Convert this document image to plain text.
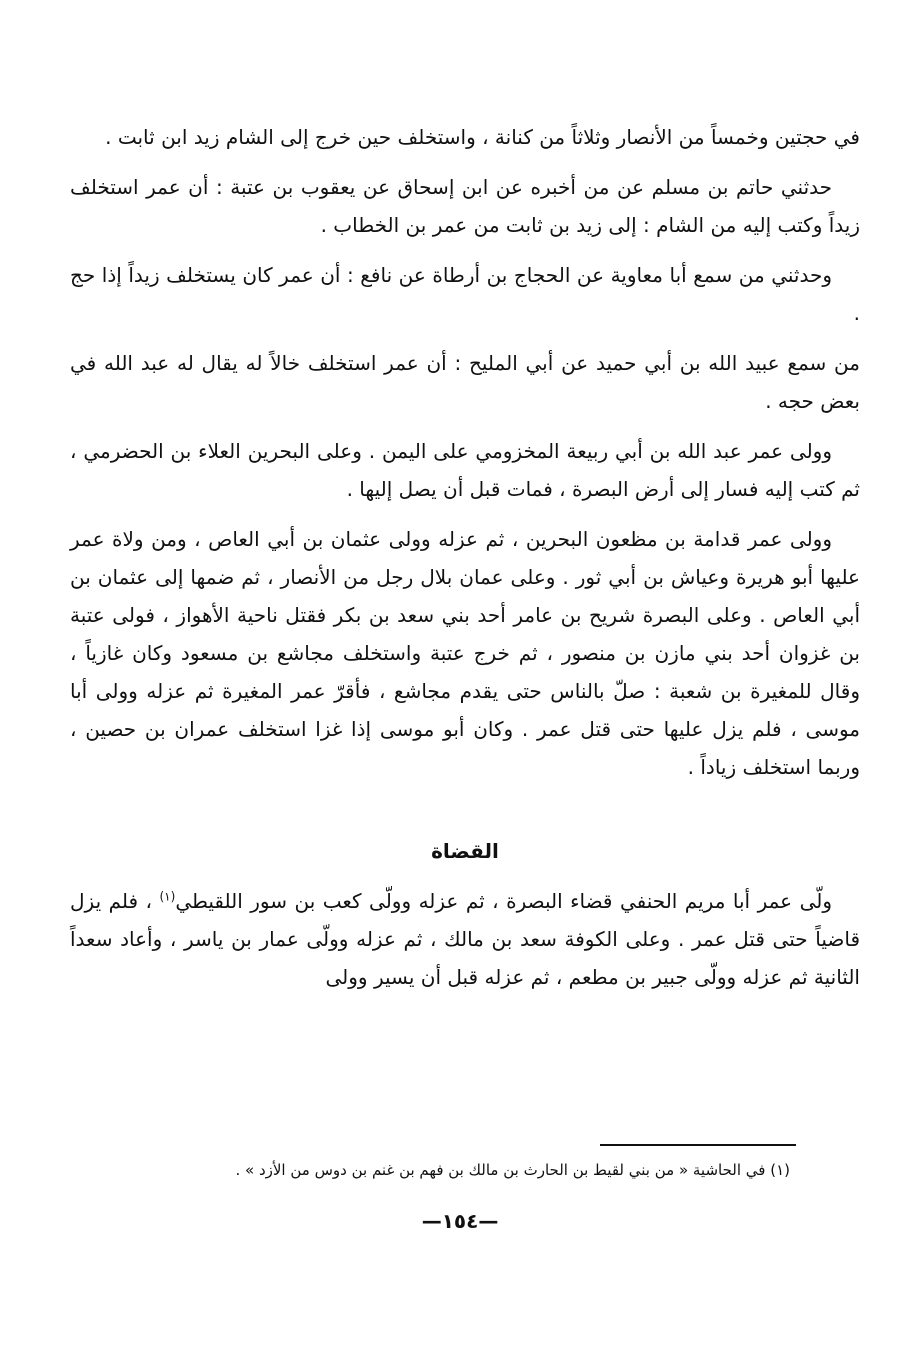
في حجتين وخمساً من الأنصار وثلاثاً من كنانة ، واستخلف حين خرج إلى الشام زيد ابن ثابت .

حدثني حاتم بن مسلم عن من أخبره عن ابن إسحاق عن يعقوب بن عتبة : أن عمر استخلف زيداً وكتب إليه من الشام : إلى زيد بن ثابت من عمر بن الخطاب .

وحدثني من سمع أبا معاوية عن الحجاج بن أرطاة عن نافع : أن عمر كان يستخلف زيداً إذا حج .

من سمع عبيد الله بن أبي حميد عن أبي المليح : أن عمر استخلف خالاً له يقال له عبد الله في بعض حجه .

وولى عمر عبد الله بن أبي ربيعة المخزومي على اليمن . وعلى البحرين العلاء بن الحضرمي ، ثم كتب إليه فسار إلى أرض البصرة ، فمات قبل أن يصل إليها .

وولى عمر قدامة بن مظعون البحرين ، ثم عزله وولى عثمان بن أبي العاص ، ومن ولاة عمر عليها أبو هريرة وعياش بن أبي ثور . وعلى عمان بلال رجل من الأنصار ، ثم ضمها إلى عثمان بن أبي العاص . وعلى البصرة شريح بن عامر أحد بني سعد بن بكر فقتل ناحية الأهواز ، فولى عتبة بن غزوان أحد بني مازن بن منصور ، ثم خرج عتبة واستخلف مجاشع بن مسعود وكان غازياً ، وقال للمغيرة بن شعبة : صلّ بالناس حتى يقدم مجاشع ، فأقرّ عمر المغيرة ثم عزله وولى أبا موسى ، فلم يزل عليها حتى قتل عمر . وكان أبو موسى إذا غزا استخلف عمران بن حصين ، وربما استخلف زياداً .

القضاة

ولّى عمر أبا مريم الحنفي قضاء البصرة ، ثم عزله وولّى كعب بن سور اللقيطي$^{(١)}$ ، فلم يزل قاضياً حتى قتل عمر . وعلى الكوفة سعد بن مالك ، ثم عزله وولّى عمار بن ياسر ، وأعاد سعداً الثانية ثم عزله وولّى جبير بن مطعم ، ثم عزله قبل أن يسير وولى

(١) في الحاشية « من بني لقيط بن الحارث بن مالك بن فهم بن غنم بن دوس من الأزد » .
—١٥٤—
